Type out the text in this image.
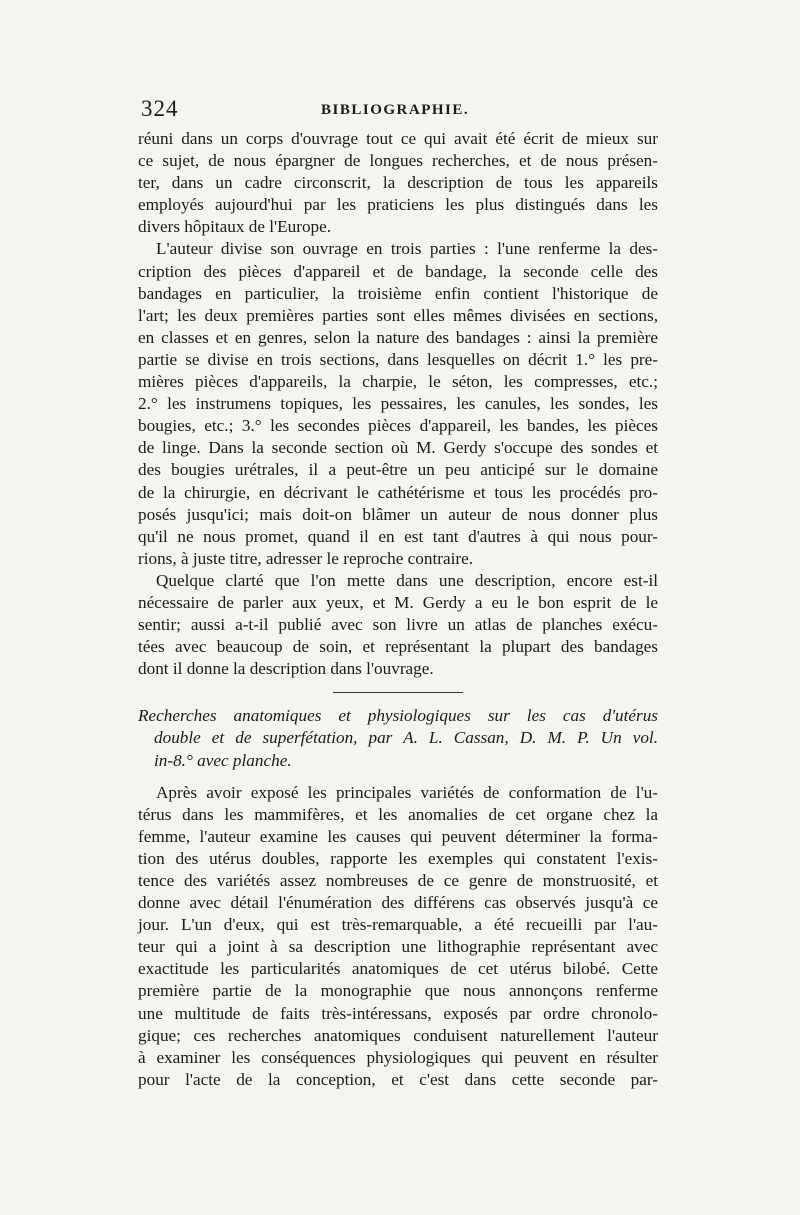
324	BIBLIOGRAPHIE.
réuni dans un corps d'ouvrage tout ce qui avait été écrit de mieux sur
ce sujet, de nous épargner de longues recherches, et de nous présen-
ter, dans un cadre circonscrit, la description de tous les appareils
employés aujourd'hui par les praticiens les plus distingués dans les
divers hôpitaux de l'Europe.
L'auteur divise son ouvrage en trois parties : l'une renferme la des-
cription des pièces d'appareil et de bandage, la seconde celle des
bandages en particulier, la troisième enfin contient l'historique de
l'art; les deux premières parties sont elles mêmes divisées en sections,
en classes et en genres, selon la nature des bandages : ainsi la première
partie se divise en trois sections, dans lesquelles on décrit 1.° les pre-
mières pièces d'appareils, la charpie, le séton, les compresses, etc.;
2.° les instrumens topiques, les pessaires, les canules, les sondes, les
bougies, etc.; 3.° les secondes pièces d'appareil, les bandes, les pièces
de linge. Dans la seconde section où M. Gerdy s'occupe des sondes et
des bougies urétrales, il a peut-être un peu anticipé sur le domaine
de la chirurgie, en décrivant le cathétérisme et tous les procédés pro-
posés jusqu'ici; mais doit-on blâmer un auteur de nous donner plus
qu'il ne nous promet, quand il en est tant d'autres à qui nous pour-
rions, à juste titre, adresser le reproche contraire.
Quelque clarté que l'on mette dans une description, encore est-il
nécessaire de parler aux yeux, et M. Gerdy a eu le bon esprit de le
sentir; aussi a-t-il publié avec son livre un atlas de planches exécu-
tées avec beaucoup de soin, et représentant la plupart des bandages
dont il donne la description dans l'ouvrage.
Recherches anatomiques et physiologiques sur les cas d'utérus
double et de superfétation, par A. L. Cassan, D. M. P. Un vol.
in-8.° avec planche.
Après avoir exposé les principales variétés de conformation de l'u-
térus dans les mammifères, et les anomalies de cet organe chez la
femme, l'auteur examine les causes qui peuvent déterminer la forma-
tion des utérus doubles, rapporte les exemples qui constatent l'exis-
tence des variétés assez nombreuses de ce genre de monstruosité, et
donne avec détail l'énumération des différens cas observés jusqu'à ce
jour. L'un d'eux, qui est très-remarquable, a été recueilli par l'au-
teur qui a joint à sa description une lithographie représentant avec
exactitude les particularités anatomiques de cet utérus bilobé. Cette
première partie de la monographie que nous annonçons renferme
une multitude de faits très-intéressans, exposés par ordre chronolo-
gique; ces recherches anatomiques conduisent naturellement l'auteur
à examiner les conséquences physiologiques qui peuvent en résulter
pour l'acte de la conception, et c'est dans cette seconde par-
